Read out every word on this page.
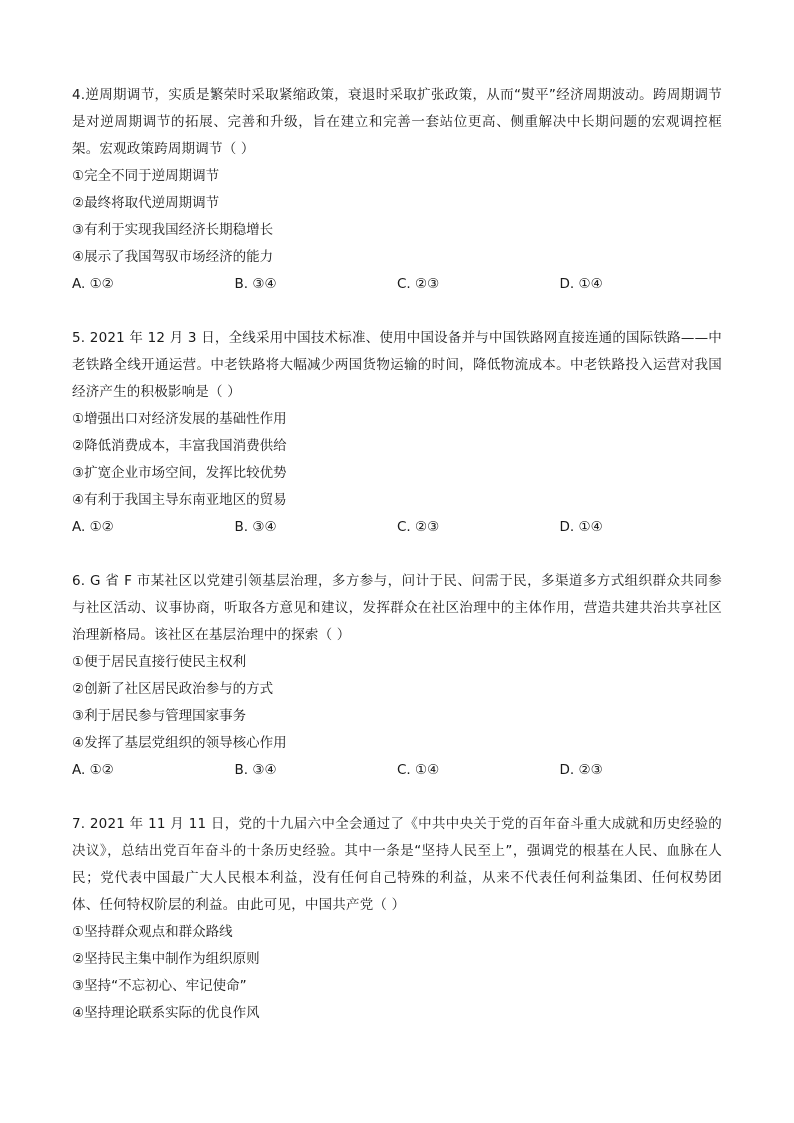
4.逆周期调节，实质是繁荣时采取紧缩政策，衰退时采取扩张政策，从而“熨平”经济周期波动。跨周期调节是对逆周期调节的拓展、完善和升级，旨在建立和完善一套站位更高、侧重解决中长期问题的宏观调控框架。宏观政策跨周期调节（ ）

①完全不同于逆周期调节

②最终将取代逆周期调节

③有利于实现我国经济长期稳增长

④展示了我国驾驭市场经济的能力

A. ①②	B. ③④	C. ②③	D. ①④

5. 2021 年 12 月 3 日，全线采用中国技术标准、使用中国设备并与中国铁路网直接连通的国际铁路——中老铁路全线开通运营。中老铁路将大幅减少两国货物运输的时间，降低物流成本。中老铁路投入运营对我国经济产生的积极影响是（ ）

①增强出口对经济发展的基础性作用

②降低消费成本，丰富我国消费供给

③扩宽企业市场空间，发挥比较优势

④有利于我国主导东南亚地区的贸易

A. ①②	B. ③④	C. ②③	D. ①④

6. G 省 F 市某社区以党建引领基层治理，多方参与，问计于民、问需于民，多渠道多方式组织群众共同参与社区活动、议事协商，听取各方意见和建议，发挥群众在社区治理中的主体作用，营造共建共治共享社区治理新格局。该社区在基层治理中的探索（ ）

①便于居民直接行使民主权利

②创新了社区居民政治参与的方式

③利于居民参与管理国家事务

④发挥了基层党组织的领导核心作用

A. ①②	B. ③④	C. ①④	D. ②③

7. 2021 年 11 月 11 日，党的十九届六中全会通过了《中共中央关于党的百年奋斗重大成就和历史经验的决议》，总结出党百年奋斗的十条历史经验。其中一条是“坚持人民至上”，强调党的根基在人民、血脉在人民；党代表中国最广大人民根本利益，没有任何自己特殊的利益，从来不代表任何利益集团、任何权势团体、任何特权阶层的利益。由此可见，中国共产党（ ）

①坚持群众观点和群众路线

②坚持民主集中制作为组织原则

③坚持“不忘初心、牢记使命”

④坚持理论联系实际的优良作风
